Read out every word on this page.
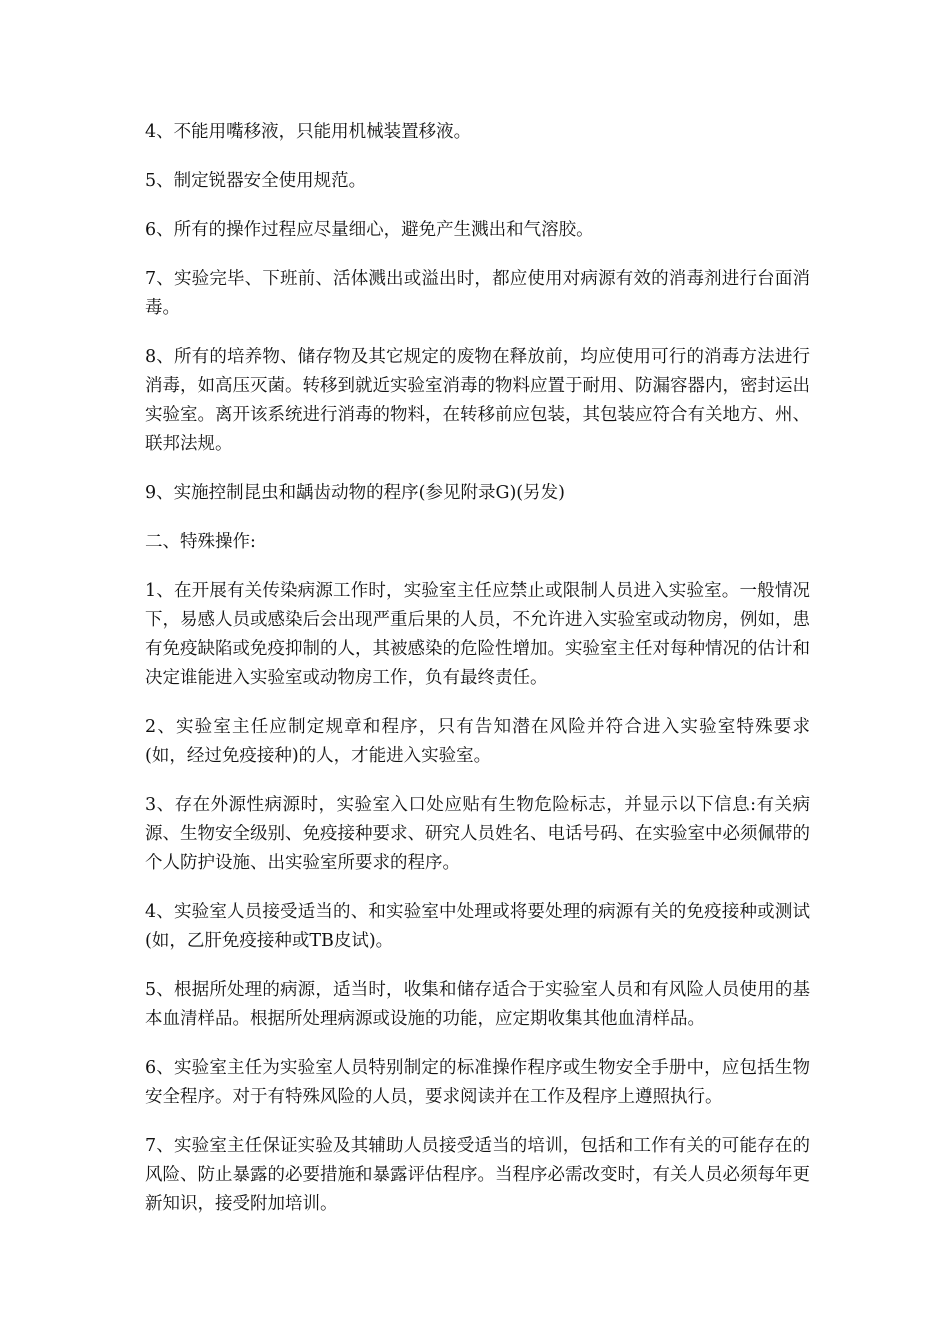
4、不能用嘴移液，只能用机械装置移液。

5、制定锐器安全使用规范。

6、所有的操作过程应尽量细心，避免产生溅出和气溶胶。

7、实验完毕、下班前、活体溅出或溢出时，都应使用对病源有效的消毒剂进行台面消毒。

8、所有的培养物、储存物及其它规定的废物在释放前，均应使用可行的消毒方法进行消毒，如高压灭菌。转移到就近实验室消毒的物料应置于耐用、防漏容器内，密封运出实验室。离开该系统进行消毒的物料，在转移前应包装，其包装应符合有关地方、州、联邦法规。

9、实施控制昆虫和龋齿动物的程序(参见附录G)(另发)

二、特殊操作:

1、在开展有关传染病源工作时，实验室主任应禁止或限制人员进入实验室。一般情况下，易感人员或感染后会出现严重后果的人员，不允许进入实验室或动物房，例如，患有免疫缺陷或免疫抑制的人，其被感染的危险性增加。实验室主任对每种情况的估计和决定谁能进入实验室或动物房工作，负有最终责任。

2、实验室主任应制定规章和程序，只有告知潜在风险并符合进入实验室特殊要求(如，经过免疫接种)的人，才能进入实验室。

3、存在外源性病源时，实验室入口处应贴有生物危险标志，并显示以下信息:有关病源、生物安全级别、免疫接种要求、研究人员姓名、电话号码、在实验室中必须佩带的个人防护设施、出实验室所要求的程序。

4、实验室人员接受适当的、和实验室中处理或将要处理的病源有关的免疫接种或测试(如，乙肝免疫接种或TB皮试)。

5、根据所处理的病源，适当时，收集和储存适合于实验室人员和有风险人员使用的基本血清样品。根据所处理病源或设施的功能，应定期收集其他血清样品。

6、实验室主任为实验室人员特别制定的标准操作程序或生物安全手册中，应包括生物安全程序。对于有特殊风险的人员，要求阅读并在工作及程序上遵照执行。

7、实验室主任保证实验及其辅助人员接受适当的培训，包括和工作有关的可能存在的风险、防止暴露的必要措施和暴露评估程序。当程序必需改变时，有关人员必须每年更新知识，接受附加培训。
